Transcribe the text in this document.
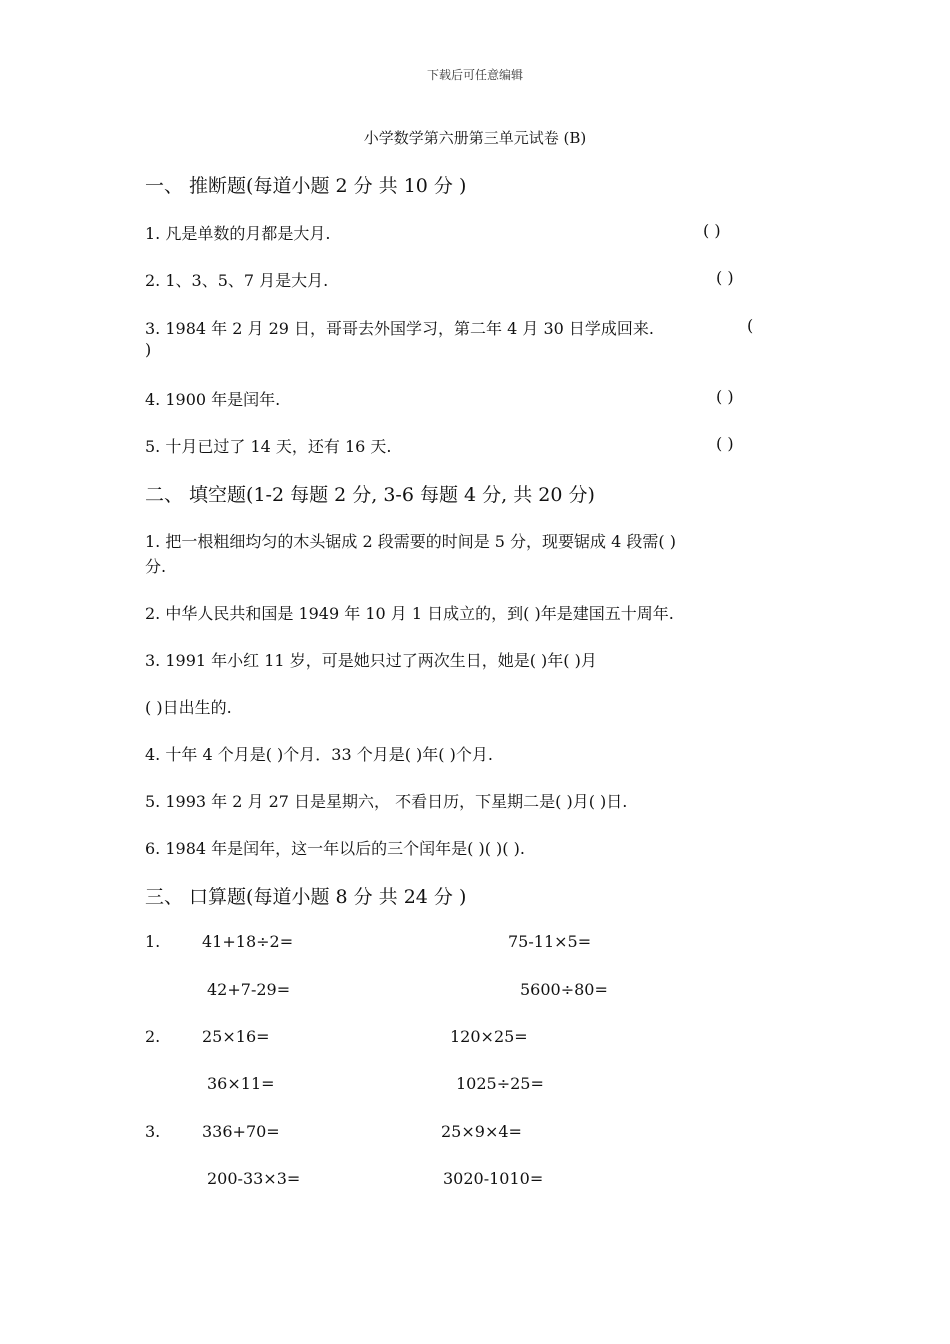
下载后可任意编辑
小学数学第六册第三单元试卷 (B)
一、 推断题(每道小题 2 分 共 10 分 )
1. 凡是单数的月都是大月.	( )
2. 1、3、5、7 月是大月.	( )
3. 1984 年 2 月 29 日，哥哥去外国学习，第二年 4 月 30 日学成回来.	(
)
4. 1900 年是闰年.	( )
5. 十月已过了 14 天，还有 16 天.	( )
二、 填空题(1-2 每题 2 分, 3-6 每题 4 分, 共 20 分)
1. 把一根粗细均匀的木头锯成 2 段需要的时间是 5 分，现要锯成 4 段需( )
分.
2. 中华人民共和国是 1949 年 10 月 1 日成立的，到( )年是建国五十周年.
3. 1991 年小红 11 岁，可是她只过了两次生日，她是( )年( )月
( )日出生的.
4. 十年 4 个月是( )个月．33 个月是( )年( )个月.
5. 1993 年 2 月 27 日是星期六， 不看日历，下星期二是( )月( )日.
6. 1984 年是闰年，这一年以后的三个闰年是( )( )( ).
三、 口算题(每道小题 8 分 共 24 分 )
1.	41+18÷2=	75-11×5=
42+7-29=	5600÷80=
2.	25×16=	120×25=
36×11=	1025÷25=
3.	336+70=	25×9×4=
200-33×3=	3020-1010=
